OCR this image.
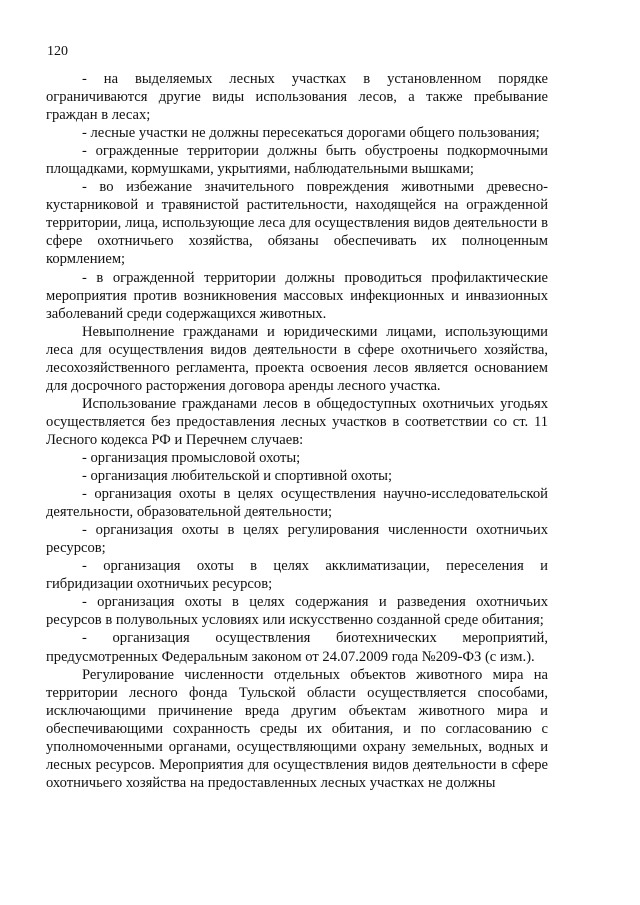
120

- на выделяемых лесных участках в установленном порядке ограничиваются другие виды использования лесов, а также пребывание граждан в лесах;

- лесные участки не должны пересекаться дорогами общего пользования;

- огражденные территории должны быть обустроены подкормочными площадками, кормушками, укрытиями, наблюдательными вышками;

- во избежание значительного повреждения животными древесно-кустарниковой и травянистой растительности, находящейся на огражденной территории, лица, использующие леса для осуществления видов деятельности в сфере охотничьего хозяйства, обязаны обеспечивать их полноценным кормлением;

- в огражденной территории должны проводиться профилактические мероприятия против возникновения массовых инфекционных и инвазионных заболеваний среди содержащихся животных.

Невыполнение гражданами и юридическими лицами, использующими леса для осуществления видов деятельности в сфере охотничьего хозяйства, лесохозяйственного регламента, проекта освоения лесов является основанием для досрочного расторжения договора аренды лесного участка.

Использование гражданами лесов в общедоступных охотничьих угодьях осуществляется без предоставления лесных участков в соответствии со ст. 11 Лесного кодекса РФ и Перечнем случаев:

- организация промысловой охоты;

- организация любительской и спортивной охоты;

- организация охоты в целях осуществления научно-исследовательской деятельности, образовательной деятельности;

- организация охоты в целях регулирования численности охотничьих ресурсов;

- организация охоты в целях акклиматизации, переселения и гибридизации охотничьих ресурсов;

- организация охоты в целях содержания и разведения охотничьих ресурсов в полувольных условиях или искусственно созданной среде обитания;

- организация осуществления биотехнических мероприятий, предусмотренных Федеральным законом от 24.07.2009 года №209-ФЗ (с изм.).

Регулирование численности отдельных объектов животного мира на территории лесного фонда Тульской области осуществляется способами, исключающими причинение вреда другим объектам животного мира и обеспечивающими сохранность среды их обитания, и по согласованию с уполномоченными органами, осуществляющими охрану земельных, водных и лесных ресурсов. Мероприятия для осуществления видов деятельности в сфере охотничьего хозяйства на предоставленных лесных участках не должны
